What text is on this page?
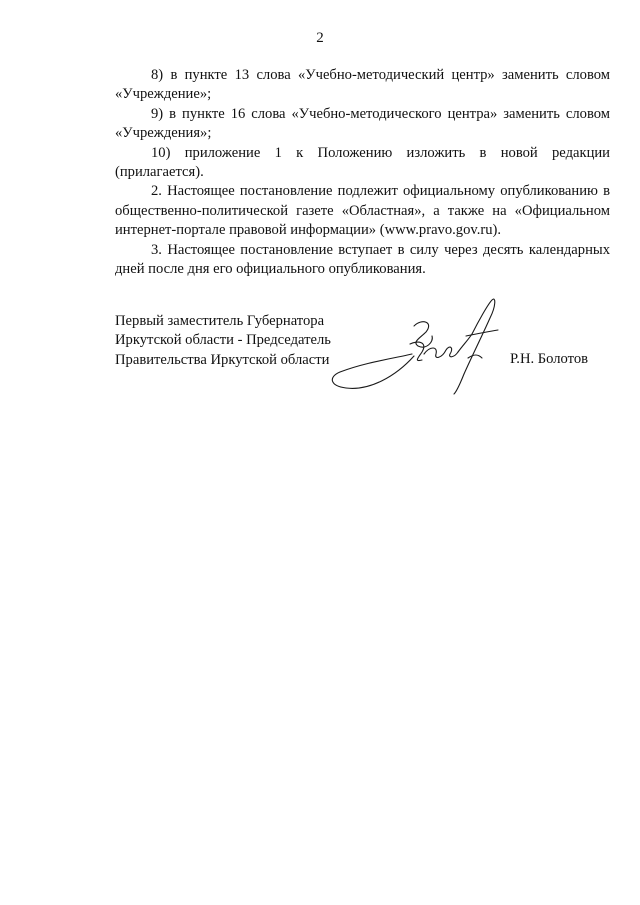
2

8) в пункте 13 слова «Учебно-методический центр» заменить словом «Учреждение»;

9) в пункте 16 слова «Учебно-методического центра» заменить словом «Учреждения»;

10) приложение 1 к Положению изложить в новой редакции (прилагается).

2. Настоящее постановление подлежит официальному опубликованию в общественно-политической газете «Областная», а также на «Официальном интернет-портале правовой информации» (www.pravo.gov.ru).

3. Настоящее постановление вступает в силу через десять календарных дней после дня его официального опубликования.

Первый заместитель Губернатора
Иркутской области - Председатель
Правительства Иркутской области	Р.Н. Болотов
